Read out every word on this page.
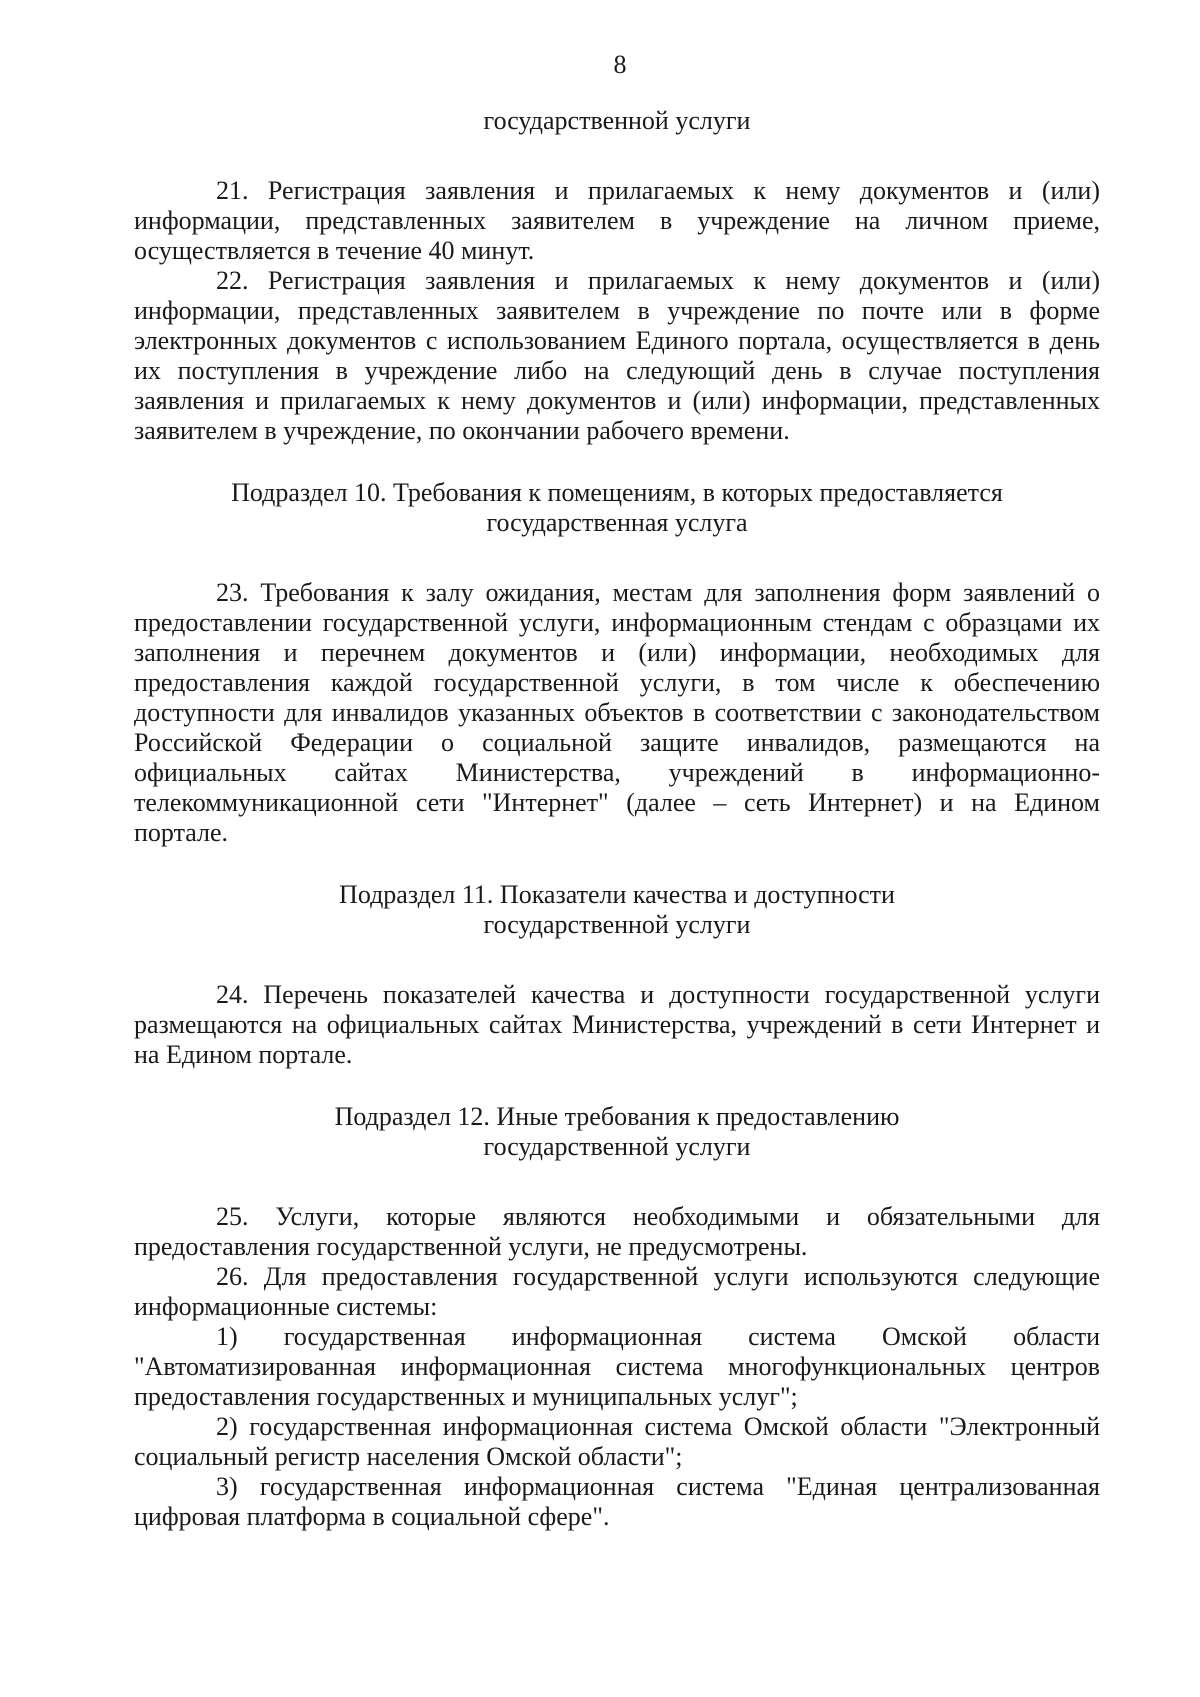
8
государственной услуги

21. Регистрация заявления и прилагаемых к нему документов и (или) информации, представленных заявителем в учреждение на личном приеме, осуществляется в течение 40 минут.

22. Регистрация заявления и прилагаемых к нему документов и (или) информации, представленных заявителем в учреждение по почте или в форме электронных документов с использованием Единого портала, осуществляется в день их поступления в учреждение либо на следующий день в случае поступления заявления и прилагаемых к нему документов и (или) информации, представленных заявителем в учреждение, по окончании рабочего времени.

Подраздел 10. Требования к помещениям, в которых предоставляется
государственная услуга

23. Требования к залу ожидания, местам для заполнения форм заявлений о предоставлении государственной услуги, информационным стендам с образцами их заполнения и перечнем документов и (или) информации, необходимых для предоставления каждой государственной услуги, в том числе к обеспечению доступности для инвалидов указанных объектов в соответствии с законодательством Российской Федерации о социальной защите инвалидов, размещаются на официальных сайтах Министерства, учреждений в информационно-телекоммуникационной сети "Интернет" (далее – сеть Интернет) и на Едином портале.

Подраздел 11. Показатели качества и доступности
государственной услуги

24. Перечень показателей качества и доступности государственной услуги размещаются на официальных сайтах Министерства, учреждений в сети Интернет и на Едином портале.

Подраздел 12. Иные требования к предоставлению
государственной услуги

25. Услуги, которые являются необходимыми и обязательными для предоставления государственной услуги, не предусмотрены.

26. Для предоставления государственной услуги используются следующие информационные системы:

1) государственная информационная система Омской области "Автоматизированная информационная система многофункциональных центров предоставления государственных и муниципальных услуг";

2) государственная информационная система Омской области "Электронный социальный регистр населения Омской области";

3) государственная информационная система "Единая централизованная цифровая платформа в социальной сфере".
